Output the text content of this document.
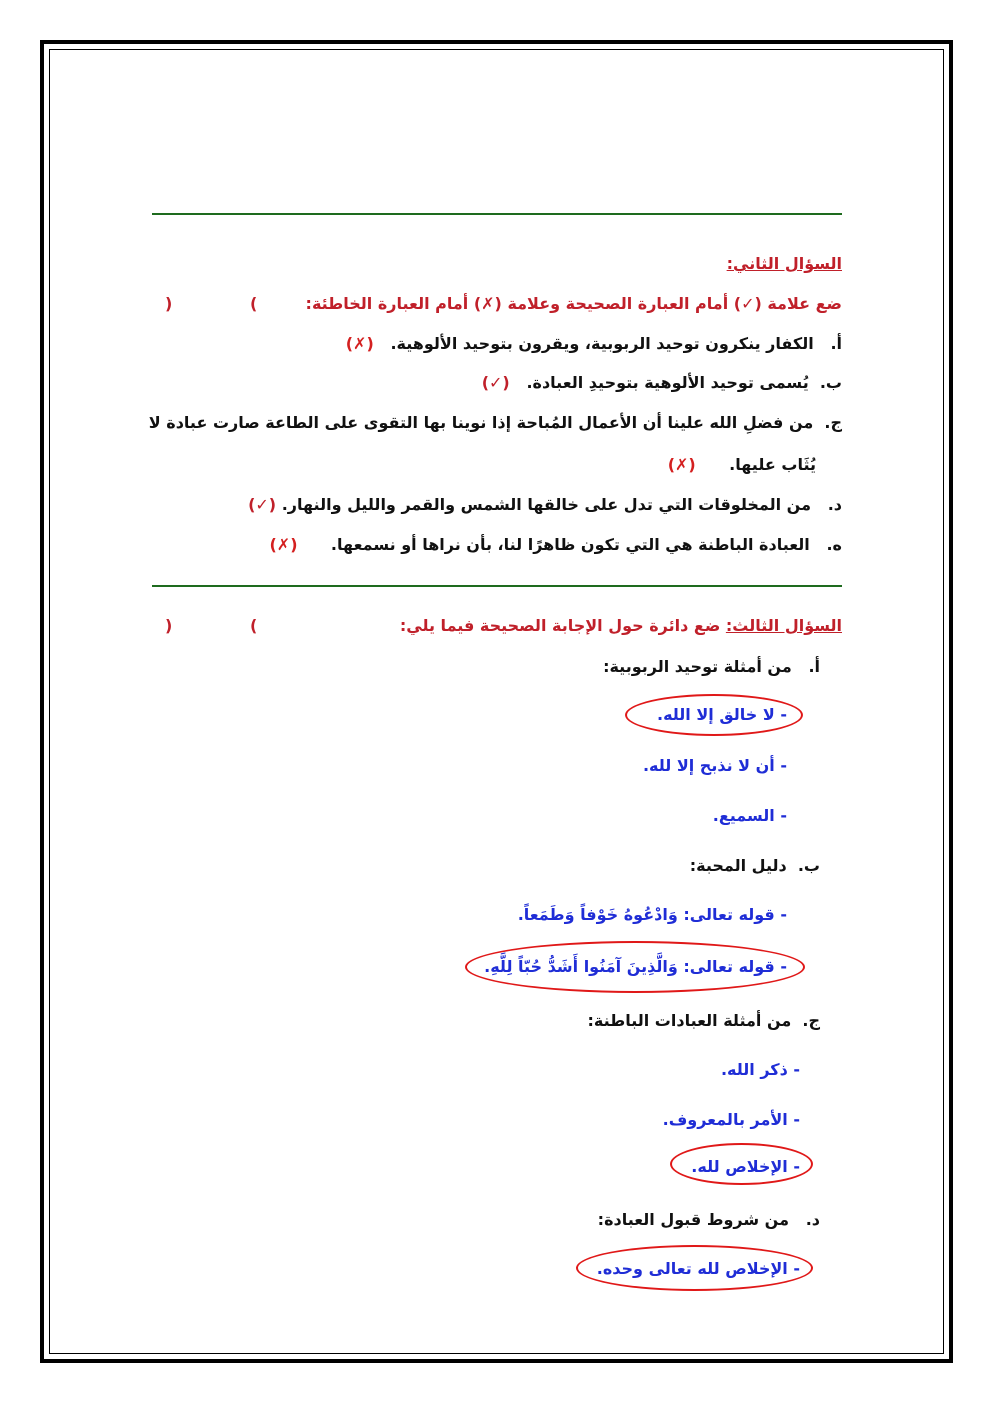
السؤال الثاني:
ضع علامة (✓) أمام العبارة الصحيحة وعلامة (✗) أمام العبارة الخاطئة:
(
)
أ.   الكفار ينكرون توحيد الربوبية، ويقرون بتوحيد الألوهية.   (✗)
ب.  يُسمى توحيد الألوهية بتوحيدِ العبادة.   (✓)
ج.  من فضلِ الله علينا أن الأعمال المُباحة إذا نوينا بها التقوى على الطاعة صارت عبادة لا
يُثَاب عليها.      (✗)
د.   من المخلوقات التي تدل على خالقها الشمس والقمر والليل والنهار. (✓)
ه.   العبادة الباطنة هي التي تكون ظاهرًا لنا، بأن نراها أو نسمعها.      (✗)
السؤال الثالث: ضع دائرة حول الإجابة الصحيحة فيما يلي:
(
)
أ.   من أمثلة توحيد الربوبية:
- لا خالق إلا الله.
- أن لا نذبح إلا لله.
- السميع.
ب.  دليل المحبة:
- قوله تعالى: وَادْعُوهُ خَوْفاً وَطَمَعاً.
- قوله تعالى: وَالَّذِينَ آمَنُوا أَشَدُّ حُبّاً لِلَّهِ.
ج.  من أمثلة العبادات الباطنة:
- ذكر الله.
- الأمر بالمعروف.
- الإخلاص لله.
د.   من شروط قبول العبادة:
- الإخلاص لله تعالى وحده.
